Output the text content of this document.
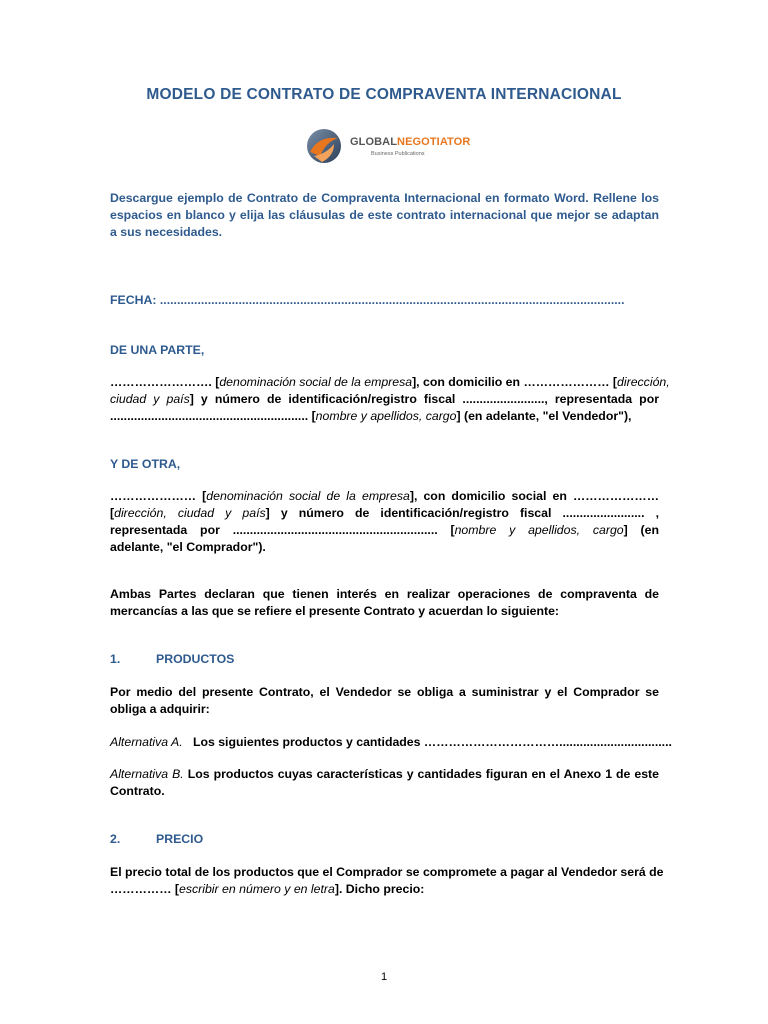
MODELO DE CONTRATO DE COMPRAVENTA INTERNACIONAL
GLOBALNEGOTIATOR
Business Publications
Descargue ejemplo de Contrato de Compraventa Internacional en formato Word. Rellene los espacios en blanco y elija las cláusulas de este contrato internacional que mejor se adaptan a sus necesidades.
FECHA: ........................................................................................................................................
DE UNA PARTE,
……………………. [denominación social de la empresa], con domicilio en ………………… [dirección,
ciudad y país] y número de identificación/registro fiscal ........................, representada por
.......................................................... [nombre y apellidos, cargo] (en adelante, "el Vendedor"),
Y DE OTRA,
………………… [denominación social de la empresa], con domicilio social en …………………
[dirección, ciudad y país] y número de identificación/registro fiscal ........................ ,
representada por ............................................................ [nombre y apellidos, cargo] (en
adelante, "el Comprador").
Ambas Partes declaran que tienen interés en realizar operaciones de compraventa de mercancías a las que se refiere el presente Contrato y acuerdan lo siguiente:
1.	PRODUCTOS
Por medio del presente Contrato, el Vendedor se obliga a suministrar y el Comprador se obliga a adquirir:
Alternativa A. Los siguientes productos y cantidades …………………………….................................
Alternativa B. Los productos cuyas características y cantidades figuran en el Anexo 1 de este Contrato.
2.	PRECIO
El precio total de los productos que el Comprador se compromete a pagar al Vendedor será de
…………… [escribir en número y en letra]. Dicho precio:
1
